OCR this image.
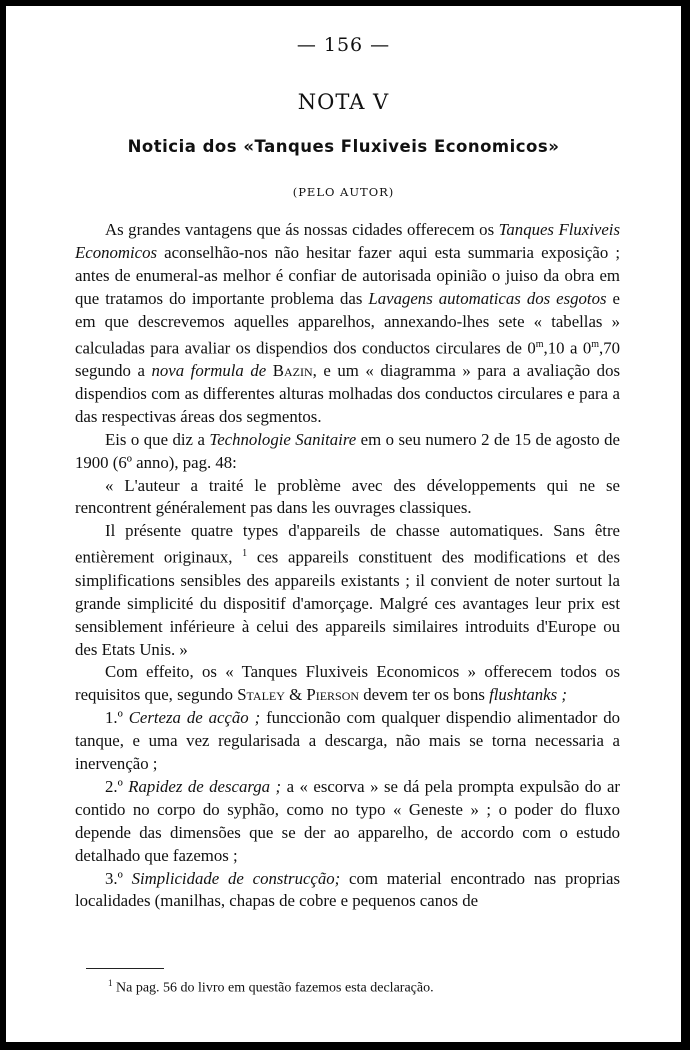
— 156 —
NOTA V
Noticia dos «Tanques Fluxiveis Economicos»
(PELO AUTOR)

As grandes vantagens que ás nossas cidades offerecem os Tanques Fluxiveis Economicos aconselhão-nos não hesitar fazer aqui esta summaria exposição ; antes de enumeral-as melhor é confiar de autorisada opinião o juiso da obra em que tratamos do importante problema das Lavagens automaticas dos esgotos e em que descrevemos aquelles apparelhos, annexando-lhes sete « tabellas » calculadas para avaliar os dispendios dos conductos circulares de 0$^m$,10 a 0$^m$,70 segundo a nova formula de Bazin, e um « diagramma » para a avaliação dos dispendios com as differentes alturas molhadas dos conductos circulares e para a das respectivas áreas dos segmentos.

Eis o que diz a Technologie Sanitaire em o seu numero 2 de 15 de agosto de 1900 (6º anno), pag. 48:

« L'auteur a traité le problème avec des développements qui ne se rencontrent généralement pas dans les ouvrages classiques.

Il présente quatre types d'appareils de chasse automatiques. Sans être entièrement originaux, $^1$ ces appareils constituent des modifications et des simplifications sensibles des appareils existants ; il convient de noter surtout la grande simplicité du dispositif d'amorçage. Malgré ces avantages leur prix est sensiblement inférieure à celui des appareils similaires introduits d'Europe ou des Etats Unis. »

Com effeito, os « Tanques Fluxiveis Economicos » offerecem todos os requisitos que, segundo Staley & Pierson devem ter os bons flushtanks ;

1.º Certeza de acção ; funccionão com qualquer dispendio alimentador do tanque, e uma vez regularisada a descarga, não mais se torna necessaria a inervenção ;

2.º Rapidez de descarga ; a « escorva » se dá pela prompta expulsão do ar contido no corpo do syphão, como no typo « Geneste » ; o poder do fluxo depende das dimensões que se der ao apparelho, de accordo com o estudo detalhado que fazemos ;

3.º Simplicidade de construcção; com material encontrado nas proprias localidades (manilhas, chapas de cobre e pequenos canos de

$^1$ Na pag. 56 do livro em questão fazemos esta declaração.
